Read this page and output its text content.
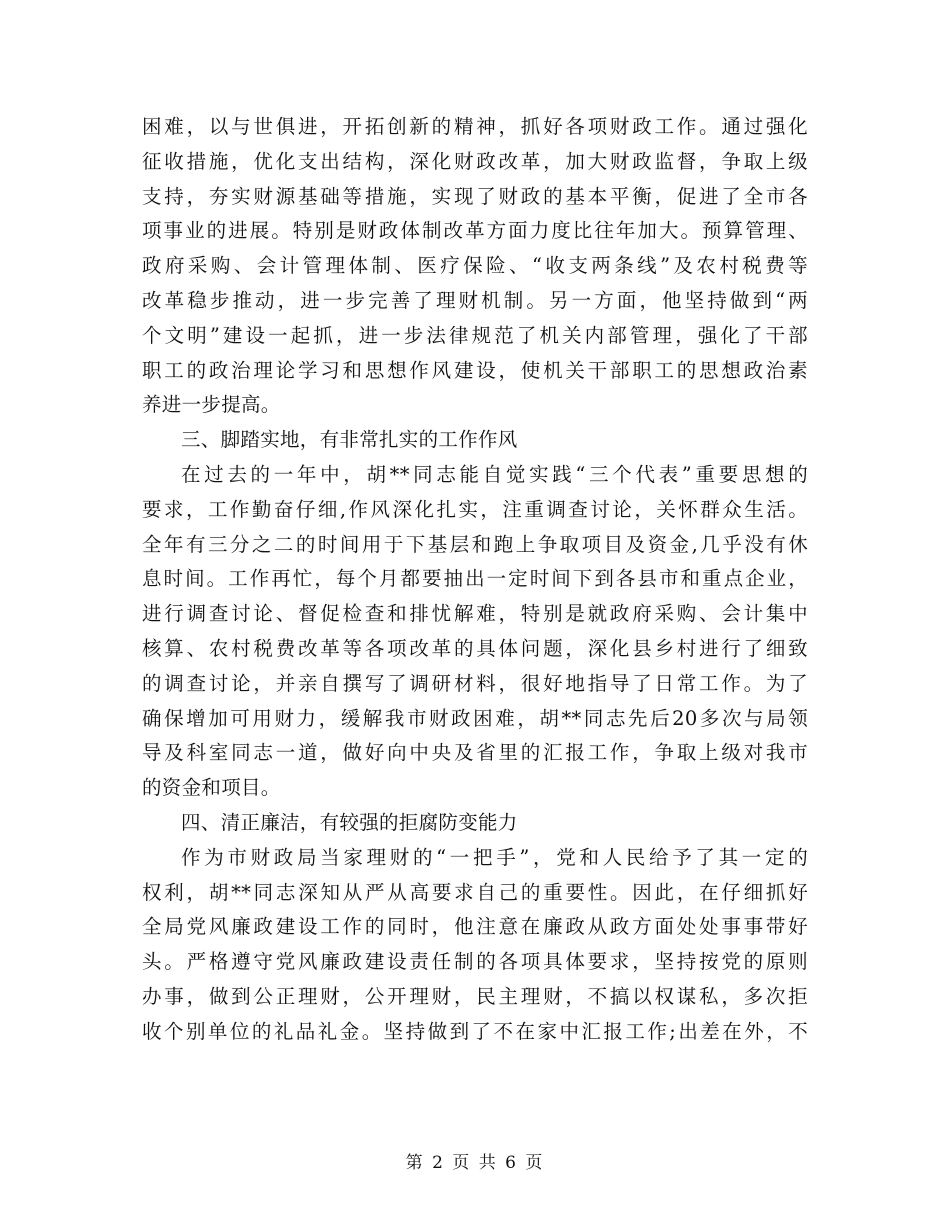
困难，以与世俱进，开拓创新的精神，抓好各项财政工作。通过强化
征收措施，优化支出结构，深化财政改革，加大财政监督，争取上级
支持，夯实财源基础等措施，实现了财政的基本平衡，促进了全市各
项事业的进展。特别是财政体制改革方面力度比往年加大。预算管理、
政府采购、会计管理体制、医疗保险、“收支两条线”及农村税费等
改革稳步推动，进一步完善了理财机制。另一方面，他坚持做到“两
个文明”建设一起抓，进一步法律规范了机关内部管理，强化了干部
职工的政治理论学习和思想作风建设，使机关干部职工的思想政治素
养进一步提高。
三、脚踏实地，有非常扎实的工作作风
在过去的一年中，胡**同志能自觉实践“三个代表”重要思想的
要求，工作勤奋仔细,作风深化扎实，注重调查讨论，关怀群众生活。
全年有三分之二的时间用于下基层和跑上争取项目及资金,几乎没有休
息时间。工作再忙，每个月都要抽出一定时间下到各县市和重点企业，
进行调查讨论、督促检查和排忧解难，特别是就政府采购、会计集中
核算、农村税费改革等各项改革的具体问题，深化县乡村进行了细致
的调查讨论，并亲自撰写了调研材料，很好地指导了日常工作。为了
确保增加可用财力，缓解我市财政困难，胡**同志先后20多次与局领
导及科室同志一道，做好向中央及省里的汇报工作，争取上级对我市
的资金和项目。
四、清正廉洁，有较强的拒腐防变能力
作为市财政局当家理财的“一把手”，党和人民给予了其一定的
权利，胡**同志深知从严从高要求自己的重要性。因此，在仔细抓好
全局党风廉政建设工作的同时，他注意在廉政从政方面处处事事带好
头。严格遵守党风廉政建设责任制的各项具体要求，坚持按党的原则
办事，做到公正理财，公开理财，民主理财，不搞以权谋私，多次拒
收个别单位的礼品礼金。坚持做到了不在家中汇报工作;出差在外，不
第 2 页 共 6 页
